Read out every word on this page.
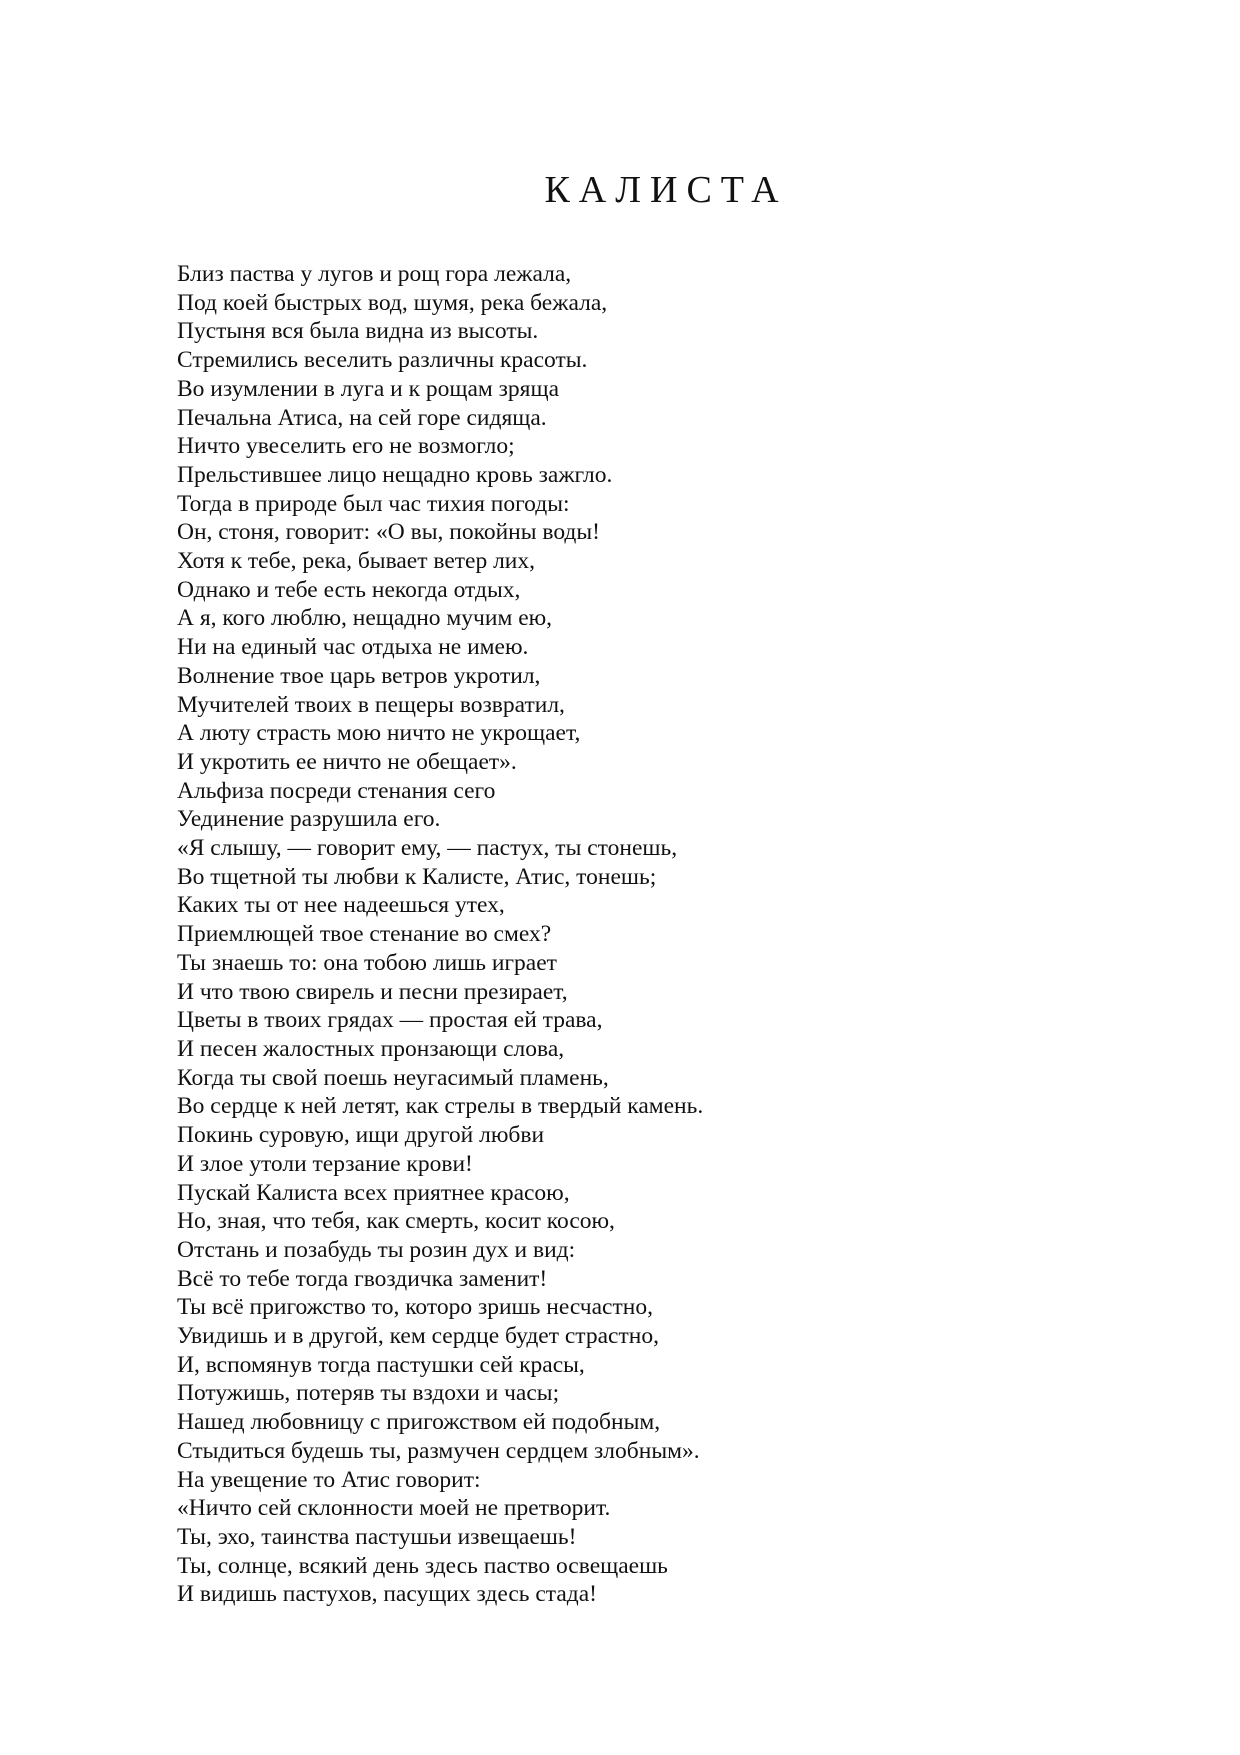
КАЛИСТА
Близ паства у лугов и рощ гора лежала,
Под коей быстрых вод, шумя, река бежала,
Пустыня вся была видна из высоты.
Стремились веселить различны красоты.
Во изумлении в луга и к рощам зряща
Печальна Атиса, на сей горе сидяща.
Ничто увеселить его не возмогло;
Прельстившее лицо нещадно кровь зажгло.
Тогда в природе был час тихия погоды:
Он, стоня, говорит: «О вы, покойны воды!
Хотя к тебе, река, бывает ветер лих,
Однако и тебе есть некогда отдых,
А я, кого люблю, нещадно мучим ею,
Ни на единый час отдыха не имею.
Волнение твое царь ветров укротил,
Мучителей твоих в пещеры возвратил,
А люту страсть мою ничто не укрощает,
И укротить ее ничто не обещает».
Альфиза посреди стенания сего
Уединение разрушила его.
«Я слышу, — говорит ему, — пастух, ты стонешь,
Во тщетной ты любви к Калисте, Атис, тонешь;
Каких ты от нее надеешься утех,
Приемлющей твое стенание во смех?
Ты знаешь то: она тобою лишь играет
И что твою свирель и песни презирает,
Цветы в твоих грядах — простая ей трава,
И песен жалостных пронзающи слова,
Когда ты свой поешь неугасимый пламень,
Во сердце к ней летят, как стрелы в твердый камень.
Покинь суровую, ищи другой любви
И злое утоли терзание крови!
Пускай Калиста всех приятнее красою,
Но, зная, что тебя, как смерть, косит косою,
Отстань и позабудь ты розин дух и вид:
Всё то тебе тогда гвоздичка заменит!
Ты всё пригожство то, которо зришь несчастно,
Увидишь и в другой, кем сердце будет страстно,
И, вспомянув тогда пастушки сей красы,
Потужишь, потеряв ты вздохи и часы;
Нашед любовницу с пригожством ей подобным,
Стыдиться будешь ты, размучен сердцем злобным».
На увещение то Атис говорит:
«Ничто сей склонности моей не претворит.
Ты, эхо, таинства пастушьи извещаешь!
Ты, солнце, всякий день здесь паство освещаешь
И видишь пастухов, пасущих здесь стада!
